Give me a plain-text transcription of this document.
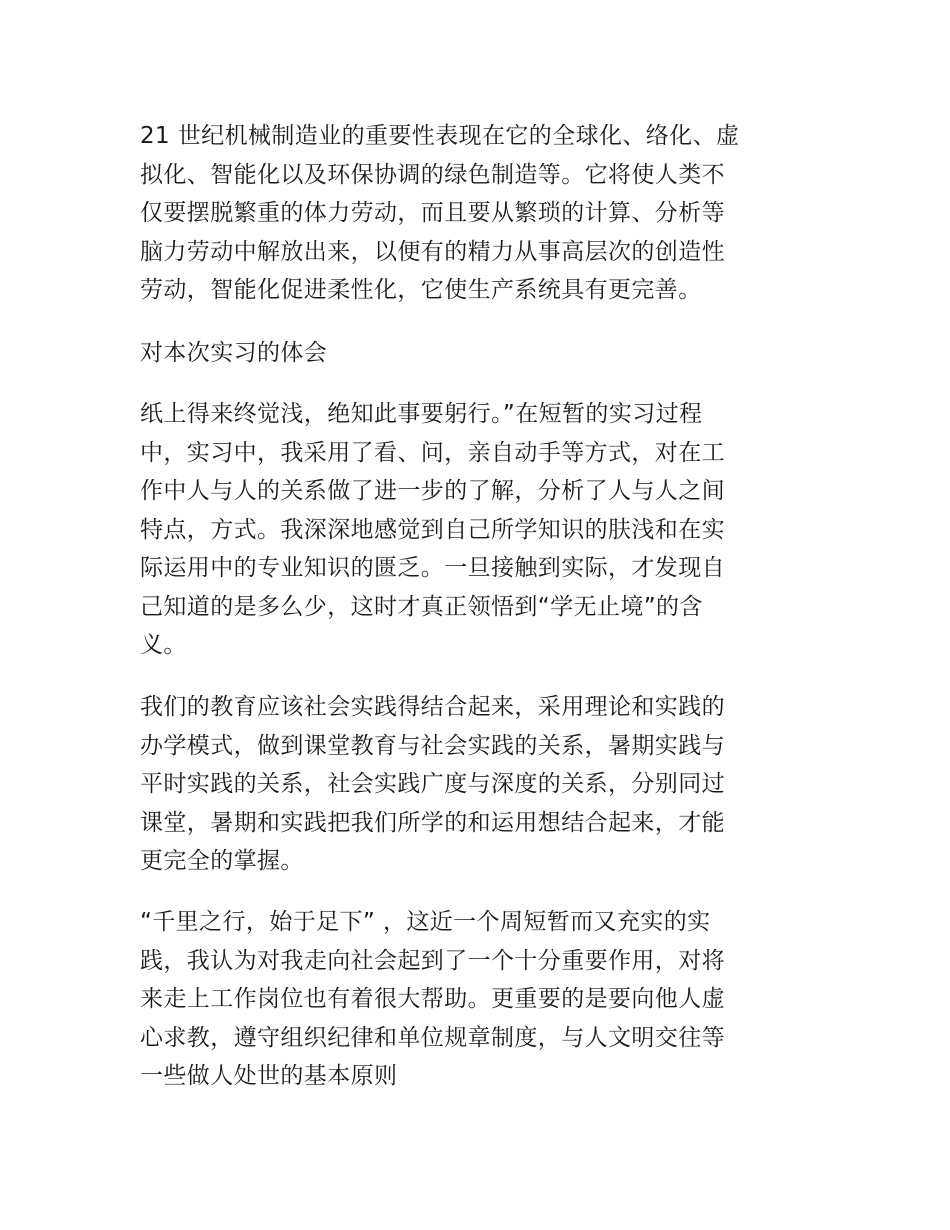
21 世纪机械制造业的重要性表现在它的全球化、络化、虚
拟化、智能化以及环保协调的绿色制造等。它将使人类不
仅要摆脱繁重的体力劳动，而且要从繁琐的计算、分析等
脑力劳动中解放出来，以便有的精力从事高层次的创造性
劳动，智能化促进柔性化，它使生产系统具有更完善。

对本次实习的体会

纸上得来终觉浅，绝知此事要躬行。”在短暂的实习过程
中，实习中，我采用了看、问，亲自动手等方式，对在工
作中人与人的关系做了进一步的了解，分析了人与人之间
特点，方式。我深深地感觉到自己所学知识的肤浅和在实
际运用中的专业知识的匮乏。一旦接触到实际，才发现自
己知道的是多么少，这时才真正领悟到“学无止境”的含
义。

我们的教育应该社会实践得结合起来，采用理论和实践的
办学模式，做到课堂教育与社会实践的关系，暑期实践与
平时实践的关系，社会实践广度与深度的关系，分别同过
课堂，暑期和实践把我们所学的和运用想结合起来，才能
更完全的掌握。

“千里之行，始于足下” ，这近一个周短暂而又充实的实
践，我认为对我走向社会起到了一个十分重要作用，对将
来走上工作岗位也有着很大帮助。更重要的是要向他人虚
心求教，遵守组织纪律和单位规章制度，与人文明交往等
一些做人处世的基本原则
